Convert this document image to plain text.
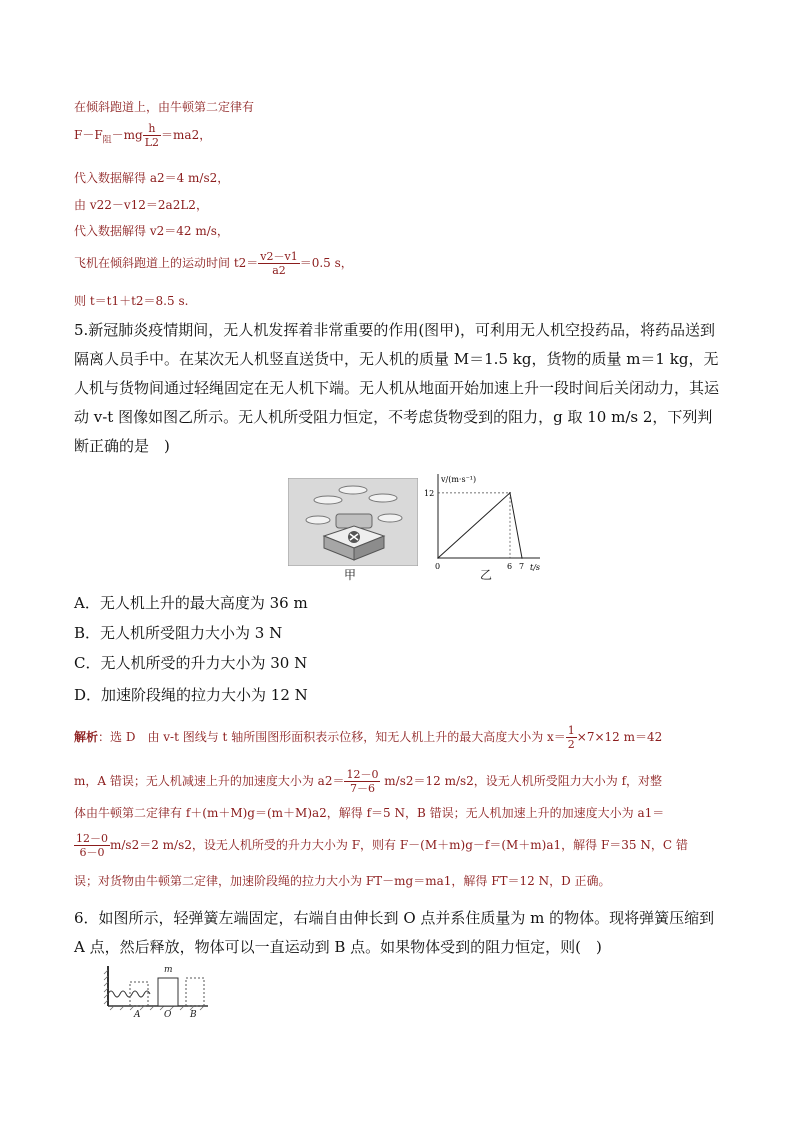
在倾斜跑道上，由牛顿第二定律有
$F-F_阻-mg \frac{h}{L2} =ma2$，
代入数据解得 a2＝4 m/s2，
由 v22－v12＝2a2L2，
代入数据解得 v2＝42 m/s，
飞机在倾斜跑道上的运动时间 $t2= \frac{v2-v1}{a2} =0.5$ s，
则 t＝t1＋t2＝8.5 s.
5.新冠肺炎疫情期间，无人机发挥着非常重要的作用(图甲)，可利用无人机空投药品，将药品送到隔离人员手中。在某次无人机竖直送货中，无人机的质量 M＝1.5 kg，货物的质量 m＝1 kg，无人机与货物间通过轻绳固定在无人机下端。无人机从地面开始加速上升一段时间后关闭动力，其运动 v-t 图像如图乙所示。无人机所受阻力恒定，不考虑货物受到的阻力，g 取 10 m/s 2，下列判断正确的是　)
甲
v/(m·s⁻¹)
t/s
0	6 7
12
乙
A．无人机上升的最大高度为 36 m
B．无人机所受阻力大小为 3 N
C．无人机所受的升力大小为 30 N
D．加速阶段绳的拉力大小为 12 N
解析：选 D　由 v-t 图线与 t 轴所围图形面积表示位移，知无人机上升的最大高度大小为 $x= \frac{1}{2} \times 7\times 12$ m＝42
m，A 错误；无人机减速上升的加速度大小为 $a2= \frac{12-0}{7-6} m/s2=12$ m/s2，设无人机所受阻力大小为 f，对整
体由牛顿第二定律有 f＋(m＋M)g＝(m＋M)a2，解得 f＝5 N，B 错误；无人机加速上升的加速度大小为 a1＝
$\frac{12-0}{6-0} m/s2=2$ m/s2，设无人机所受的升力大小为 F，则有 F－(M＋m)g－f＝(M＋m)a1，解得 F＝35 N，C 错
误；对货物由牛顿第二定律，加速阶段绳的拉力大小为 FT－mg＝ma1，解得 FT＝12 N，D 正确。
6．如图所示，轻弹簧左端固定，右端自由伸长到 O 点并系住质量为 m 的物体。现将弹簧压缩到 A 点，然后释放，物体可以一直运动到 B 点。如果物体受到的阻力恒定，则(　)
m
A	O B
